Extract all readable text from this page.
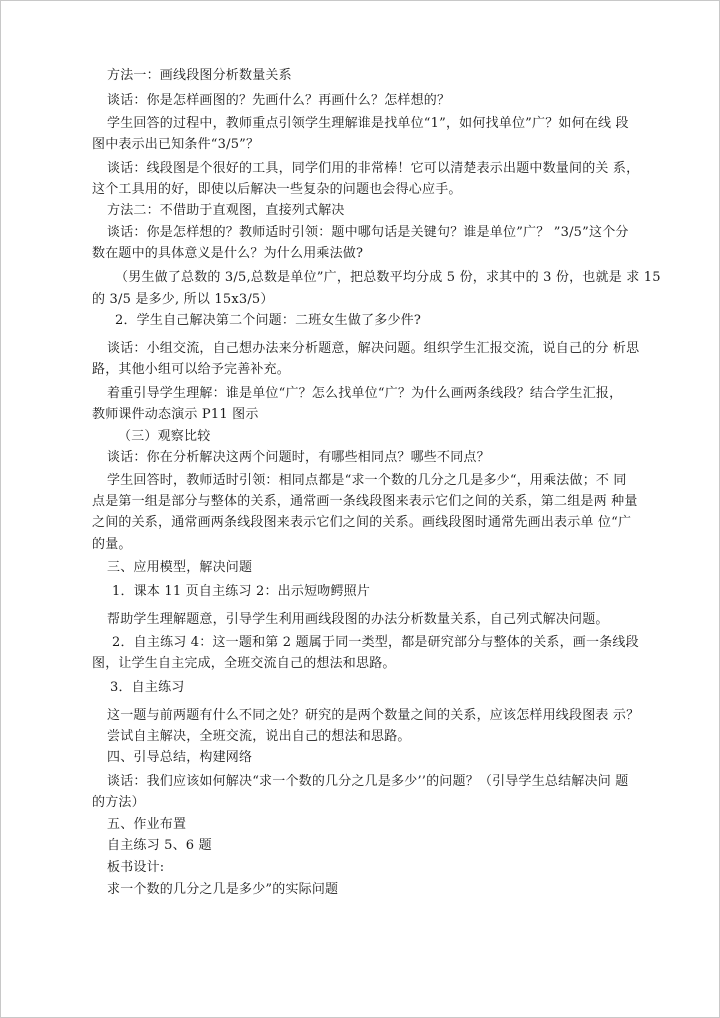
方法一：画线段图分析数量关系
谈话：你是怎样画图的？先画什么？再画什么？怎样想的？
学生回答的过程中，教师重点引领学生理解谁是找单位“1”，如何找单位”广？如何在线 段
图中表示出已知条件“3/5”？
谈话：线段图是个很好的工具，同学们用的非常棒！它可以清楚表示出题中数量间的关 系，
这个工具用的好，即使以后解决一些复杂的问题也会得心应手。
方法二：不借助于直观图，直接列式解决
谈话：你是怎样想的？教师适时引领：题中哪句话是关键句？谁是单位”广？ ”3/5”这个分
数在题中的具体意义是什么？为什么用乘法做?
（男生做了总数的 3/5,总数是单位”广，把总数平均分成 5 份，求其中的 3 份，也就是 求 15
的 3/5 是多少, 所以 15x3/5）
2．学生自己解决第二个问题：二班女生做了多少件?
谈话：小组交流，自己想办法来分析题意，解决问题。组织学生汇报交流，说自己的分 析思
路，其他小组可以给予完善补充。
着重引导学生理解：谁是单位“广？怎么找单位“广？为什么画两条线段？结合学生汇报，
教师课件动态演示 P11 图示
（三）观察比较
谈话：你在分析解决这两个问题时，有哪些相同点？哪些不同点？
学生回答时，教师适时引领：相同点都是“求一个数的几分之几是多少“，用乘法做；不 同
点是第一组是部分与整体的关系，通常画一条线段图来表示它们之间的关系，第二组是两 种量
之间的关系，通常画两条线段图来表示它们之间的关系。画线段图时通常先画出表示单 位“广
的量。
三、应用模型，解决问题
1．课本 11 页自主练习 2：出示短吻鳄照片
帮助学生理解题意，引导学生利用画线段图的办法分析数量关系，自己列式解决问题。
2．自主练习 4：这一题和第 2 题属于同一类型，都是研究部分与整体的关系，画一条线段
图，让学生自主完成，全班交流自己的想法和思路。
3．自主练习
这一题与前两题有什么不同之处？研究的是两个数量之间的关系，应该怎样用线段图表 示？
尝试自主解决，全班交流，说出自己的想法和思路。
四、引导总结，构建网络
谈话：我们应该如何解决“求一个数的几分之几是多少’’的问题？（引导学生总结解决问 题
的方法）
五、作业布置
自主练习 5、6 题
板书设计:
求一个数的几分之几是多少”的实际问题
